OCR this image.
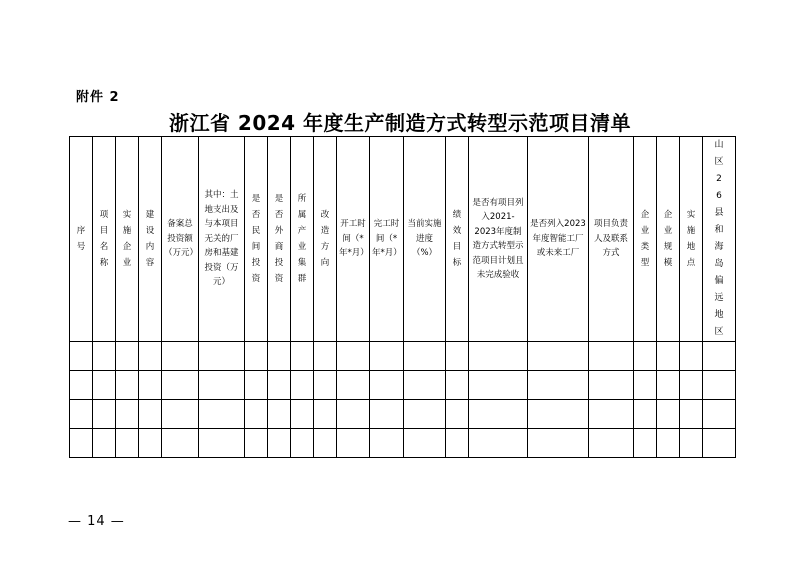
附件 2
浙江省 2024 年度生产制造方式转型示范项目清单
序号	项目名称	实施企业	建设内容	备案总投资额（万元）	其中：土地支出及与本项目无关的厂房和基建投资（万元）	是否民间投资	是否外商投资	所属产业集群	改造方向	开工时间（*年*月）	完工时间（*年*月）	当前实施进度（%）	绩效目标	是否有项目列入2021-2023年度制造方式转型示范项目计划且未完成验收	是否列入2023年度智能工厂或未来工厂	项目负责人及联系方式	企业类型	企业规模	实施地点	山区26县和海岛偏远地区

— 14 —
